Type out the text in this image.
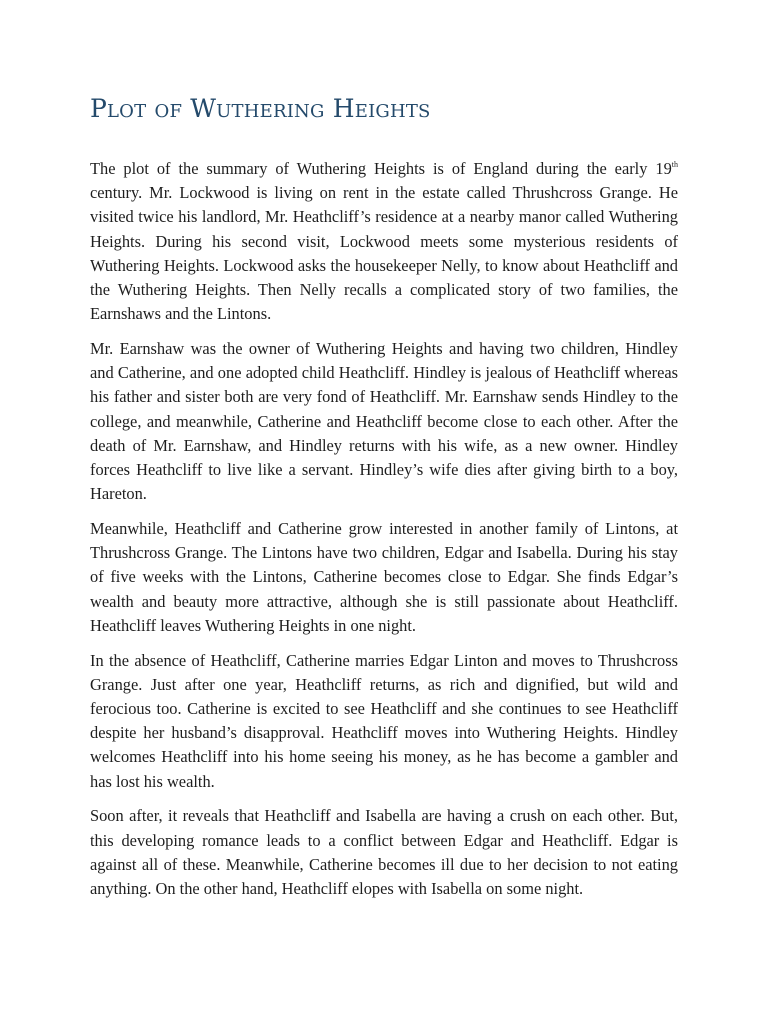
Plot of Wuthering Heights

The plot of the summary of Wuthering Heights is of England during the early 19th century. Mr. Lockwood is living on rent in the estate called Thrushcross Grange. He visited twice his landlord, Mr. Heathcliff’s residence at a nearby manor called Wuthering Heights. During his second visit, Lockwood meets some mysterious residents of Wuthering Heights. Lockwood asks the housekeeper Nelly, to know about Heathcliff and the Wuthering Heights. Then Nelly recalls a complicated story of two families, the Earnshaws and the Lintons.

Mr. Earnshaw was the owner of Wuthering Heights and having two children, Hindley and Catherine, and one adopted child Heathcliff. Hindley is jealous of Heathcliff whereas his father and sister both are very fond of Heathcliff. Mr. Earnshaw sends Hindley to the college, and meanwhile, Catherine and Heathcliff become close to each other. After the death of Mr. Earnshaw, and Hindley returns with his wife, as a new owner. Hindley forces Heathcliff to live like a servant. Hindley’s wife dies after giving birth to a boy, Hareton.

Meanwhile, Heathcliff and Catherine grow interested in another family of Lintons, at Thrushcross Grange. The Lintons have two children, Edgar and Isabella. During his stay of five weeks with the Lintons, Catherine becomes close to Edgar. She finds Edgar’s wealth and beauty more attractive, although she is still passionate about Heathcliff. Heathcliff leaves Wuthering Heights in one night.

In the absence of Heathcliff, Catherine marries Edgar Linton and moves to Thrushcross Grange. Just after one year, Heathcliff returns, as rich and dignified, but wild and ferocious too. Catherine is excited to see Heathcliff and she continues to see Heathcliff despite her husband’s disapproval. Heathcliff moves into Wuthering Heights. Hindley welcomes Heathcliff into his home seeing his money, as he has become a gambler and has lost his wealth.

Soon after, it reveals that Heathcliff and Isabella are having a crush on each other. But, this developing romance leads to a conflict between Edgar and Heathcliff. Edgar is against all of these. Meanwhile, Catherine becomes ill due to her decision to not eating anything. On the other hand, Heathcliff elopes with Isabella on some night.
